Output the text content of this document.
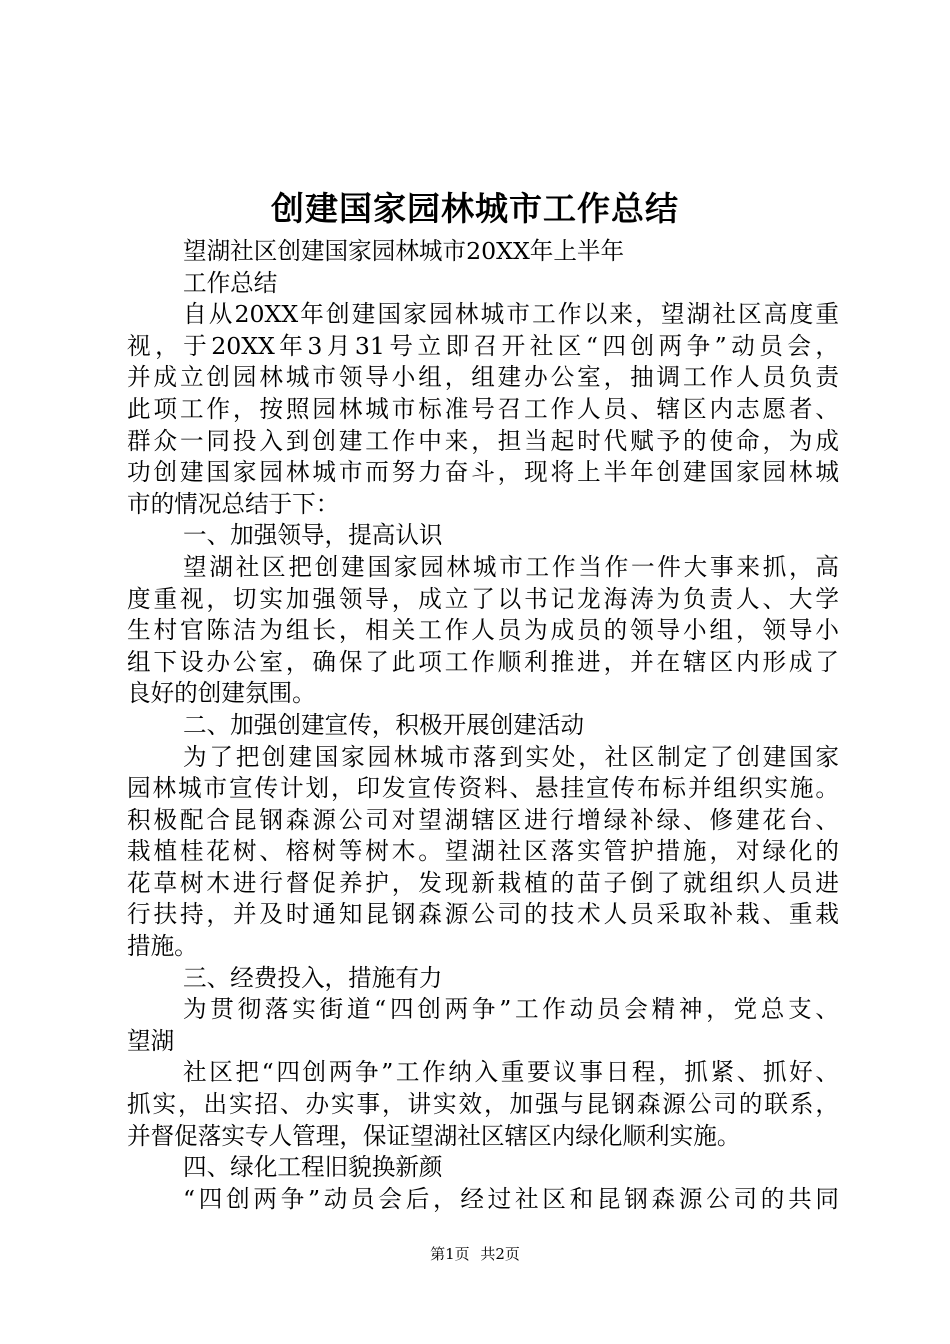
创建国家园林城市工作总结
望湖社区创建国家园林城市20XX年上半年
工作总结
自从20XX年创建国家园林城市工作以来，望湖社区高度重
视，于20XX年3月31号立即召开社区“四创两争”动员会，
并成立创园林城市领导小组，组建办公室，抽调工作人员负责
此项工作，按照园林城市标准号召工作人员、辖区内志愿者、
群众一同投入到创建工作中来，担当起时代赋予的使命，为成
功创建国家园林城市而努力奋斗，现将上半年创建国家园林城
市的情况总结于下：
一、加强领导，提高认识
望湖社区把创建国家园林城市工作当作一件大事来抓，高
度重视，切实加强领导，成立了以书记龙海涛为负责人、大学
生村官陈洁为组长，相关工作人员为成员的领导小组，领导小
组下设办公室，确保了此项工作顺利推进，并在辖区内形成了
良好的创建氛围。
二、加强创建宣传，积极开展创建活动
为了把创建国家园林城市落到实处，社区制定了创建国家
园林城市宣传计划，印发宣传资料、悬挂宣传布标并组织实施。
积极配合昆钢森源公司对望湖辖区进行增绿补绿、修建花台、
栽植桂花树、榕树等树木。望湖社区落实管护措施，对绿化的
花草树木进行督促养护，发现新栽植的苗子倒了就组织人员进
行扶持，并及时通知昆钢森源公司的技术人员采取补栽、重栽
措施。
三、经费投入，措施有力
为贯彻落实街道“四创两争”工作动员会精神，党总支、
望湖
社区把“四创两争”工作纳入重要议事日程，抓紧、抓好、
抓实，出实招、办实事，讲实效，加强与昆钢森源公司的联系，
并督促落实专人管理，保证望湖社区辖区内绿化顺利实施。
四、绿化工程旧貌换新颜
“四创两争”动员会后，经过社区和昆钢森源公司的共同
第1页 共2页
